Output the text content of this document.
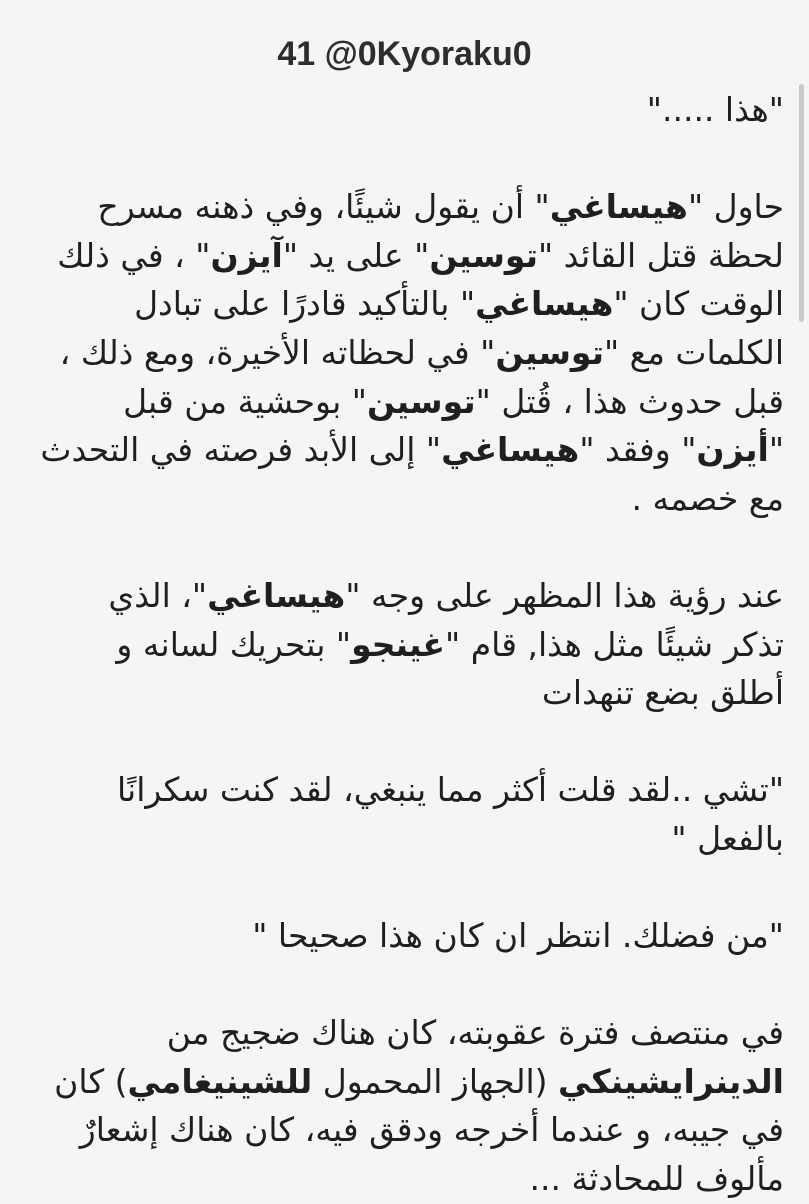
41 @0Kyoraku0

"هذا ....."

حاول "هيساغي" أن يقول شيئًا، وفي ذهنه مسرح لحظة قتل القائد "توسين" على يد "آيزن" ، في ذلك الوقت كان "هيساغي" بالتأكيد قادرًا على تبادل الكلمات مع "توسين" في لحظاته الأخيرة، ومع ذلك ، قبل حدوث هذا ، قُتل "توسين" بوحشية من قبل "أيزن" وفقد "هيساغي" إلى الأبد فرصته في التحدث مع خصمه .

عند رؤية هذا المظهر على وجه "هيساغي"، الذي تذكر شيئًا مثل هذا, قام "غينجو" بتحريك لسانه و أطلق بضع تنهدات

"تشي ..لقد قلت أكثر مما ينبغي، لقد كنت سكرانًا بالفعل "

"من فضلك. انتظر ان كان هذا صحيحا "

في منتصف فترة عقوبته، كان هناك ضجيج من الدينرايشينكي (الجهاز المحمول للشينيغامي) كان في جيبه، و عندما أخرجه ودقق فيه، كان هناك إشعارٌ مألوف للمحادثة ...
